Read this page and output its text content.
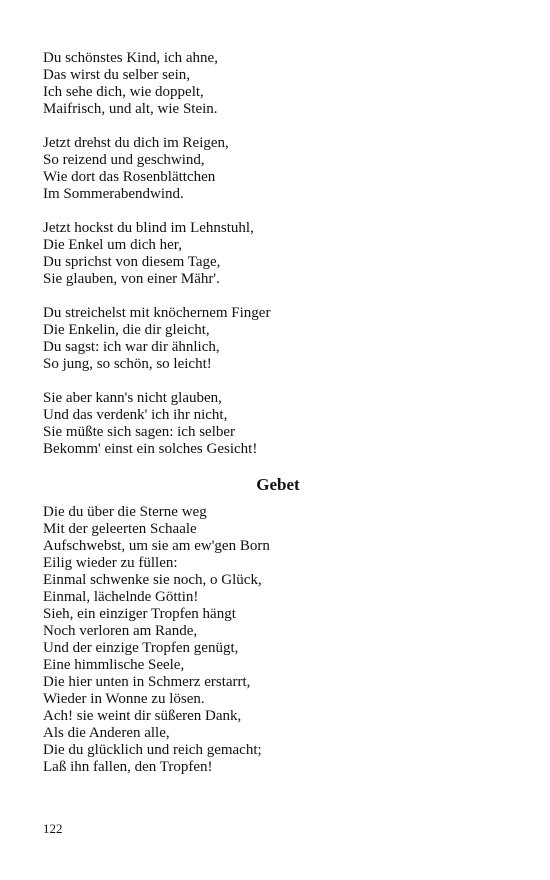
Du schönstes Kind, ich ahne,
Das wirst du selber sein,
Ich sehe dich, wie doppelt,
Maifrisch, und alt, wie Stein.
Jetzt drehst du dich im Reigen,
So reizend und geschwind,
Wie dort das Rosenblättchen
Im Sommerabendwind.
Jetzt hockst du blind im Lehnstuhl,
Die Enkel um dich her,
Du sprichst von diesem Tage,
Sie glauben, von einer Mähr'.
Du streichelst mit knöchernem Finger
Die Enkelin, die dir gleicht,
Du sagst: ich war dir ähnlich,
So jung, so schön, so leicht!
Sie aber kann's nicht glauben,
Und das verdenk' ich ihr nicht,
Sie müßte sich sagen: ich selber
Bekomm' einst ein solches Gesicht!
Gebet
Die du über die Sterne weg
Mit der geleerten Schaale
Aufschwebst, um sie am ew'gen Born
Eilig wieder zu füllen:
Einmal schwenke sie noch, o Glück,
Einmal, lächelnde Göttin!
Sieh, ein einziger Tropfen hängt
Noch verloren am Rande,
Und der einzige Tropfen genügt,
Eine himmlische Seele,
Die hier unten in Schmerz erstarrt,
Wieder in Wonne zu lösen.
Ach! sie weint dir süßeren Dank,
Als die Anderen alle,
Die du glücklich und reich gemacht;
Laß ihn fallen, den Tropfen!
122
